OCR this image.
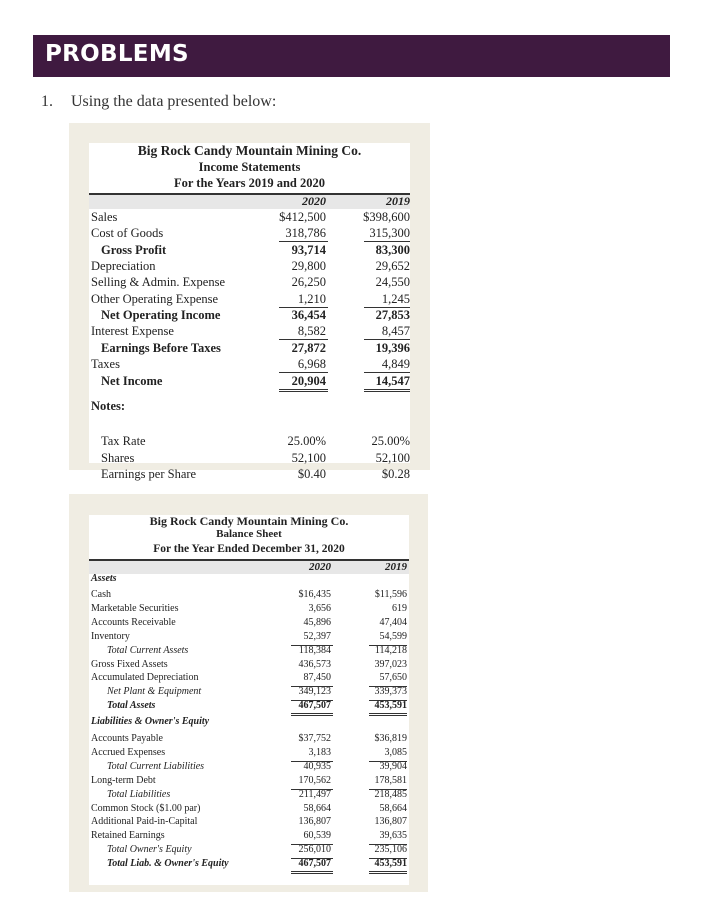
PROBLEMS
1. Using the data presented below:
Big Rock Candy Mountain Mining Co.
Income Statements
For the Years 2019 and 2020
2020	2019
Sales	$412,500	$398,600
Cost of Goods	318,786	315,300
Gross Profit	93,714	83,300
Depreciation	29,800	29,652
Selling & Admin. Expense	26,250	24,550
Other Operating Expense	1,210	1,245
Net Operating Income	36,454	27,853
Interest Expense	8,582	8,457
Earnings Before Taxes	27,872	19,396
Taxes	6,968	4,849
Net Income	20,904	14,547
Notes:
Tax Rate	25.00%	25.00%
Shares	52,100	52,100
Earnings per Share	$0.40	$0.28
Big Rock Candy Mountain Mining Co.
Balance Sheet
For the Year Ended December 31, 2020
2020	2019
Assets
Cash	$16,435	$11,596
Marketable Securities	3,656	619
Accounts Receivable	45,896	47,404
Inventory	52,397	54,599
Total Current Assets	118,384	114,218
Gross Fixed Assets	436,573	397,023
Accumulated Depreciation	87,450	57,650
Net Plant & Equipment	349,123	339,373
Total Assets	467,507	453,591
Liabilities & Owner's Equity
Accounts Payable	$37,752	$36,819
Accrued Expenses	3,183	3,085
Total Current Liabilities	40,935	39,904
Long-term Debt	170,562	178,581
Total Liabilities	211,497	218,485
Common Stock ($1.00 par)	58,664	58,664
Additional Paid-in-Capital	136,807	136,807
Retained Earnings	60,539	39,635
Total Owner's Equity	256,010	235,106
Total Liab. & Owner's Equity	467,507	453,591
